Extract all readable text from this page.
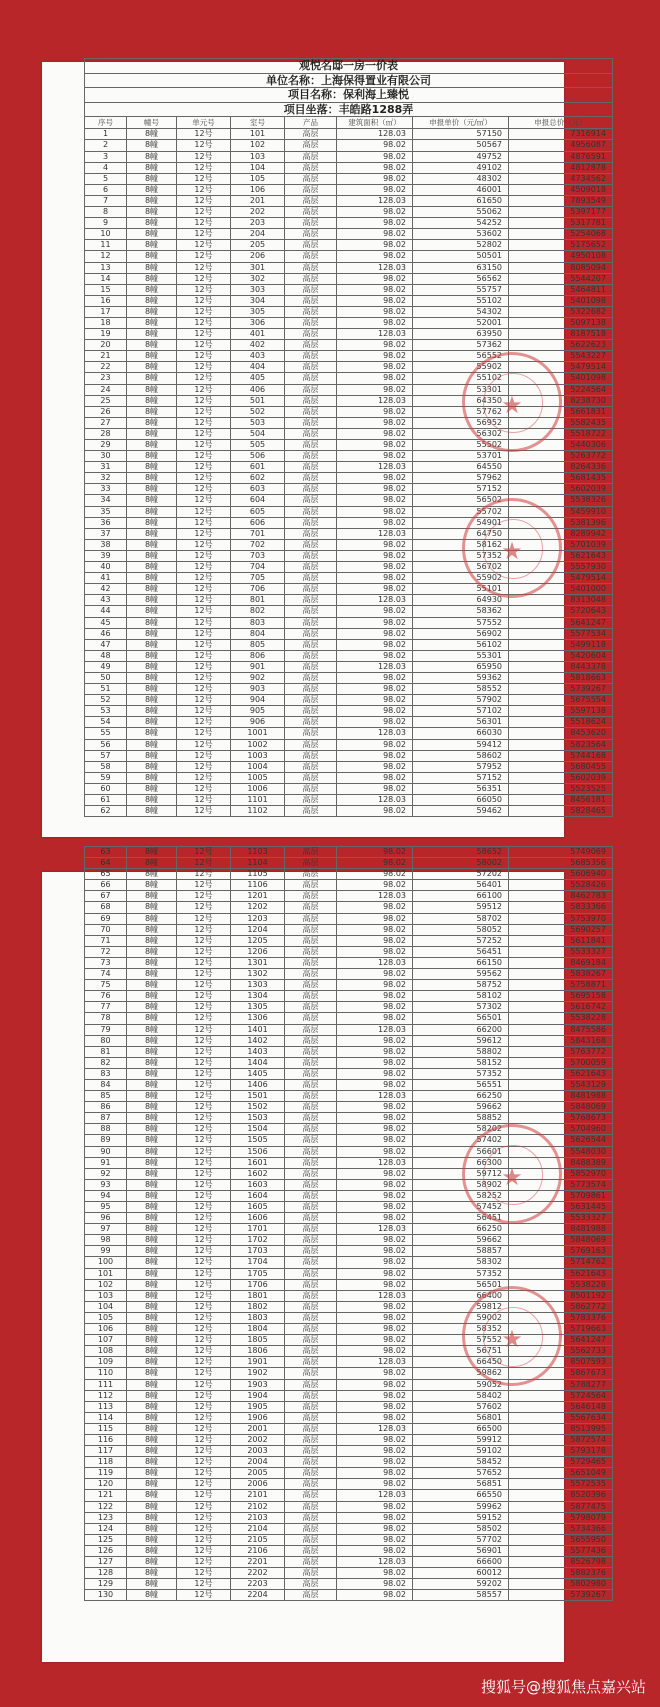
观悦名邸一房一价表							
单位名称：上海保得置业有限公司							
项目名称：保利海上臻悦							
项目坐落：丰皓路1288弄							
序号	幢号	单元号	室号	产品	建筑面积（㎡）	申报单价（元/㎡）	申报总价（元）
1	8幢	12号	101	高层	128.03	57150	7316914
2	8幢	12号	102	高层	98.02	50567	4956087
3	8幢	12号	103	高层	98.02	49752	4876591
4	8幢	12号	104	高层	98.02	49102	4812878
5	8幢	12号	105	高层	98.02	48302	4734562
6	8幢	12号	106	高层	98.02	46001	4509018
7	8幢	12号	201	高层	128.03	61650	7893549
8	8幢	12号	202	高层	98.02	55062	5397177
9	8幢	12号	203	高层	98.02	54252	5317781
10	8幢	12号	204	高层	98.02	53602	5254068
11	8幢	12号	205	高层	98.02	52802	5175652
12	8幢	12号	206	高层	98.02	50501	4950108
13	8幢	12号	301	高层	128.03	63150	8085094
14	8幢	12号	302	高层	98.02	56562	5544207
15	8幢	12号	303	高层	98.02	55757	5464811
16	8幢	12号	304	高层	98.02	55102	5401098
17	8幢	12号	305	高层	98.02	54302	5322682
18	8幢	12号	306	高层	98.02	52001	5097138
19	8幢	12号	401	高层	128.03	63950	8187518
20	8幢	12号	402	高层	98.02	57362	5622623
21	8幢	12号	403	高层	98.02	56552	5543227
22	8幢	12号	404	高层	98.02	55902	5479514
23	8幢	12号	405	高层	98.02	55102	5401098
24	8幢	12号	406	高层	98.02	53301	5224564
25	8幢	12号	501	高层	128.03	64350	8238730
26	8幢	12号	502	高层	98.02	57762	5661831
27	8幢	12号	503	高层	98.02	56952	5582435
28	8幢	12号	504	高层	98.02	56302	5518722
29	8幢	12号	505	高层	98.02	55502	5440306
30	8幢	12号	506	高层	98.02	53701	5263772
31	8幢	12号	601	高层	128.03	64550	8264336
32	8幢	12号	602	高层	98.02	57962	5681435
33	8幢	12号	603	高层	98.02	57152	5602039
34	8幢	12号	604	高层	98.02	56502	5538326
35	8幢	12号	605	高层	98.02	55702	5459910
36	8幢	12号	606	高层	98.02	54901	5381396
37	8幢	12号	701	高层	128.03	64750	8289942
38	8幢	12号	702	高层	98.02	58162	5701039
39	8幢	12号	703	高层	98.02	57352	5621643
40	8幢	12号	704	高层	98.02	56702	5557930
41	8幢	12号	705	高层	98.02	55902	5479514
42	8幢	12号	706	高层	98.02	55101	5401000
43	8幢	12号	801	高层	128.03	64930	8313048
44	8幢	12号	802	高层	98.02	58362	5720643
45	8幢	12号	803	高层	98.02	57552	5641247
46	8幢	12号	804	高层	98.02	56902	5577534
47	8幢	12号	805	高层	98.02	56102	5499118
48	8幢	12号	806	高层	98.02	55301	5420604
49	8幢	12号	901	高层	128.03	65950	8443378
50	8幢	12号	902	高层	98.02	59362	5818663
51	8幢	12号	903	高层	98.02	58552	5739267
52	8幢	12号	904	高层	98.02	57902	5675554
53	8幢	12号	905	高层	98.02	57102	5597138
54	8幢	12号	906	高层	98.02	56301	5518624
55	8幢	12号	1001	高层	128.03	66030	8453620
56	8幢	12号	1002	高层	98.02	59412	5823564
57	8幢	12号	1003	高层	98.02	58602	5744168
58	8幢	12号	1004	高层	98.02	57952	5680455
59	8幢	12号	1005	高层	98.02	57152	5602039
60	8幢	12号	1006	高层	98.02	56351	5523525
61	8幢	12号	1101	高层	128.03	66050	8456181
62	8幢	12号	1102	高层	98.02	59462	5828465
★
★
63	8幢	12号	1103	高层	98.02	58652	5749069
64	8幢	12号	1104	高层	98.02	58002	5685356
65	8幢	12号	1105	高层	98.02	57202	5606940
66	8幢	12号	1106	高层	98.02	56401	5528426
67	8幢	12号	1201	高层	128.03	66100	8462783
68	8幢	12号	1202	高层	98.02	59512	5833366
69	8幢	12号	1203	高层	98.02	58702	5753970
70	8幢	12号	1204	高层	98.02	58052	5690257
71	8幢	12号	1205	高层	98.02	57252	5611841
72	8幢	12号	1206	高层	98.02	56451	5533327
73	8幢	12号	1301	高层	128.03	66150	8469184
74	8幢	12号	1302	高层	98.02	59562	5838267
75	8幢	12号	1303	高层	98.02	58752	5758871
76	8幢	12号	1304	高层	98.02	58102	5695158
77	8幢	12号	1305	高层	98.02	57302	5616742
78	8幢	12号	1306	高层	98.02	56501	5538228
79	8幢	12号	1401	高层	128.03	66200	8475586
80	8幢	12号	1402	高层	98.02	59612	5843168
81	8幢	12号	1403	高层	98.02	58802	5763772
82	8幢	12号	1404	高层	98.02	58152	5700059
83	8幢	12号	1405	高层	98.02	57352	5621643
84	8幢	12号	1406	高层	98.02	56551	5543129
85	8幢	12号	1501	高层	128.03	66250	8481988
86	8幢	12号	1502	高层	98.02	59662	5848069
87	8幢	12号	1503	高层	98.02	58852	5768673
88	8幢	12号	1504	高层	98.02	58202	5704960
89	8幢	12号	1505	高层	98.02	57402	5626544
90	8幢	12号	1506	高层	98.02	56601	5548030
91	8幢	12号	1601	高层	128.03	66300	8488389
92	8幢	12号	1602	高层	98.02	59712	5852970
93	8幢	12号	1603	高层	98.02	58902	5773574
94	8幢	12号	1604	高层	98.02	58252	5709861
95	8幢	12号	1605	高层	98.02	57452	5631445
96	8幢	12号	1606	高层	98.02	56451	5533327
97	8幢	12号	1701	高层	128.03	66250	8481988
98	8幢	12号	1702	高层	98.02	59662	5848069
99	8幢	12号	1703	高层	98.02	58857	5769163
100	8幢	12号	1704	高层	98.02	58302	5714762
101	8幢	12号	1705	高层	98.02	57352	5621643
102	8幢	12号	1706	高层	98.02	56501	5538228
103	8幢	12号	1801	高层	128.03	66400	8501192
104	8幢	12号	1802	高层	98.02	59812	5862772
105	8幢	12号	1803	高层	98.02	59002	5783376
106	8幢	12号	1804	高层	98.02	58352	5719663
107	8幢	12号	1805	高层	98.02	57552	5641247
108	8幢	12号	1806	高层	98.02	56751	5562733
109	8幢	12号	1901	高层	128.03	66450	8507593
110	8幢	12号	1902	高层	98.02	59862	5867673
111	8幢	12号	1903	高层	98.02	59052	5788277
112	8幢	12号	1904	高层	98.02	58402	5724564
113	8幢	12号	1905	高层	98.02	57602	5646148
114	8幢	12号	1906	高层	98.02	56801	5567634
115	8幢	12号	2001	高层	128.03	66500	8513995
116	8幢	12号	2002	高层	98.02	59912	5872574
117	8幢	12号	2003	高层	98.02	59102	5793178
118	8幢	12号	2004	高层	98.02	58452	5729465
119	8幢	12号	2005	高层	98.02	57652	5651049
120	8幢	12号	2006	高层	98.02	56851	5572535
121	8幢	12号	2101	高层	128.03	66550	8520396
122	8幢	12号	2102	高层	98.02	59962	5877475
123	8幢	12号	2103	高层	98.02	59152	5798079
124	8幢	12号	2104	高层	98.02	58502	5734366
125	8幢	12号	2105	高层	98.02	57702	5655950
126	8幢	12号	2106	高层	98.02	56901	5577436
127	8幢	12号	2201	高层	128.03	66600	8526798
128	8幢	12号	2202	高层	98.02	60012	5882376
129	8幢	12号	2203	高层	98.02	59202	5802980
130	8幢	12号	2204	高层	98.02	58557	5739267
★
★
搜狐号@搜狐焦点嘉兴站
